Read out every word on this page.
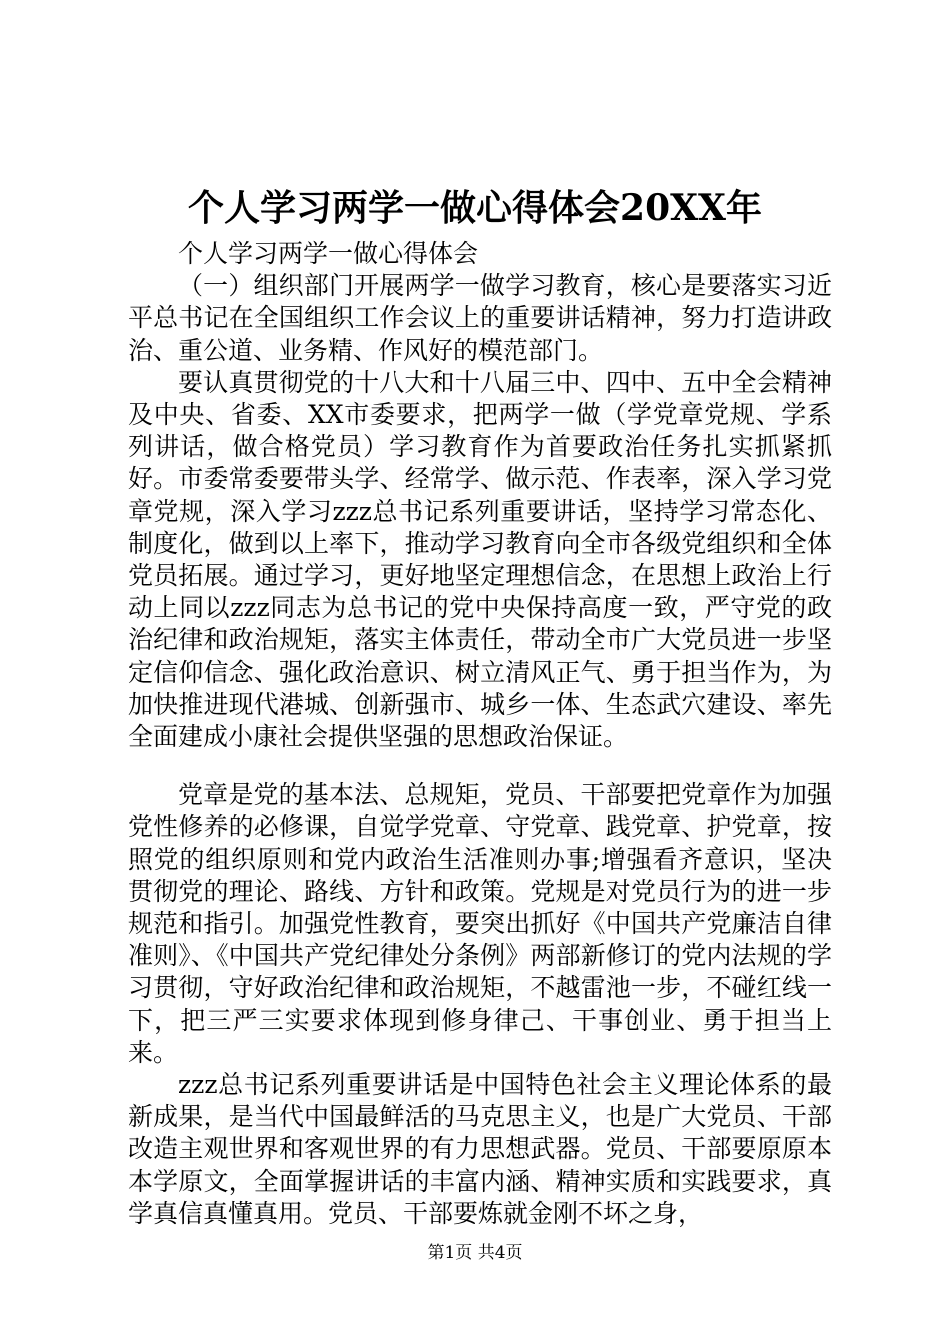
个人学习两学一做心得体会20XX年

个人学习两学一做心得体会

（一）组织部门开展两学一做学习教育，核心是要落实习近平总书记在全国组织工作会议上的重要讲话精神，努力打造讲政治、重公道、业务精、作风好的模范部门。

要认真贯彻党的十八大和十八届三中、四中、五中全会精神及中央、省委、XX市委要求，把两学一做（学党章党规、学系列讲话，做合格党员）学习教育作为首要政治任务扎实抓紧抓好。市委常委要带头学、经常学、做示范、作表率，深入学习党章党规，深入学习zzz总书记系列重要讲话，坚持学习常态化、制度化，做到以上率下，推动学习教育向全市各级党组织和全体党员拓展。通过学习，更好地坚定理想信念，在思想上政治上行动上同以zzz同志为总书记的党中央保持高度一致，严守党的政治纪律和政治规矩，落实主体责任，带动全市广大党员进一步坚定信仰信念、强化政治意识、树立清风正气、勇于担当作为，为加快推进现代港城、创新强市、城乡一体、生态武穴建设、率先全面建成小康社会提供坚强的思想政治保证。

党章是党的基本法、总规矩，党员、干部要把党章作为加强党性修养的必修课，自觉学党章、守党章、践党章、护党章，按照党的组织原则和党内政治生活准则办事;增强看齐意识，坚决贯彻党的理论、路线、方针和政策。党规是对党员行为的进一步规范和指引。加强党性教育，要突出抓好《中国共产党廉洁自律准则》、《中国共产党纪律处分条例》两部新修订的党内法规的学习贯彻，守好政治纪律和政治规矩，不越雷池一步，不碰红线一下，把三严三实要求体现到修身律己、干事创业、勇于担当上来。

zzz总书记系列重要讲话是中国特色社会主义理论体系的最新成果，是当代中国最鲜活的马克思主义，也是广大党员、干部改造主观世界和客观世界的有力思想武器。党员、干部要原原本本学原文，全面掌握讲话的丰富内涵、精神实质和实践要求，真学真信真懂真用。党员、干部要炼就金刚不坏之身，

第1页 共4页
